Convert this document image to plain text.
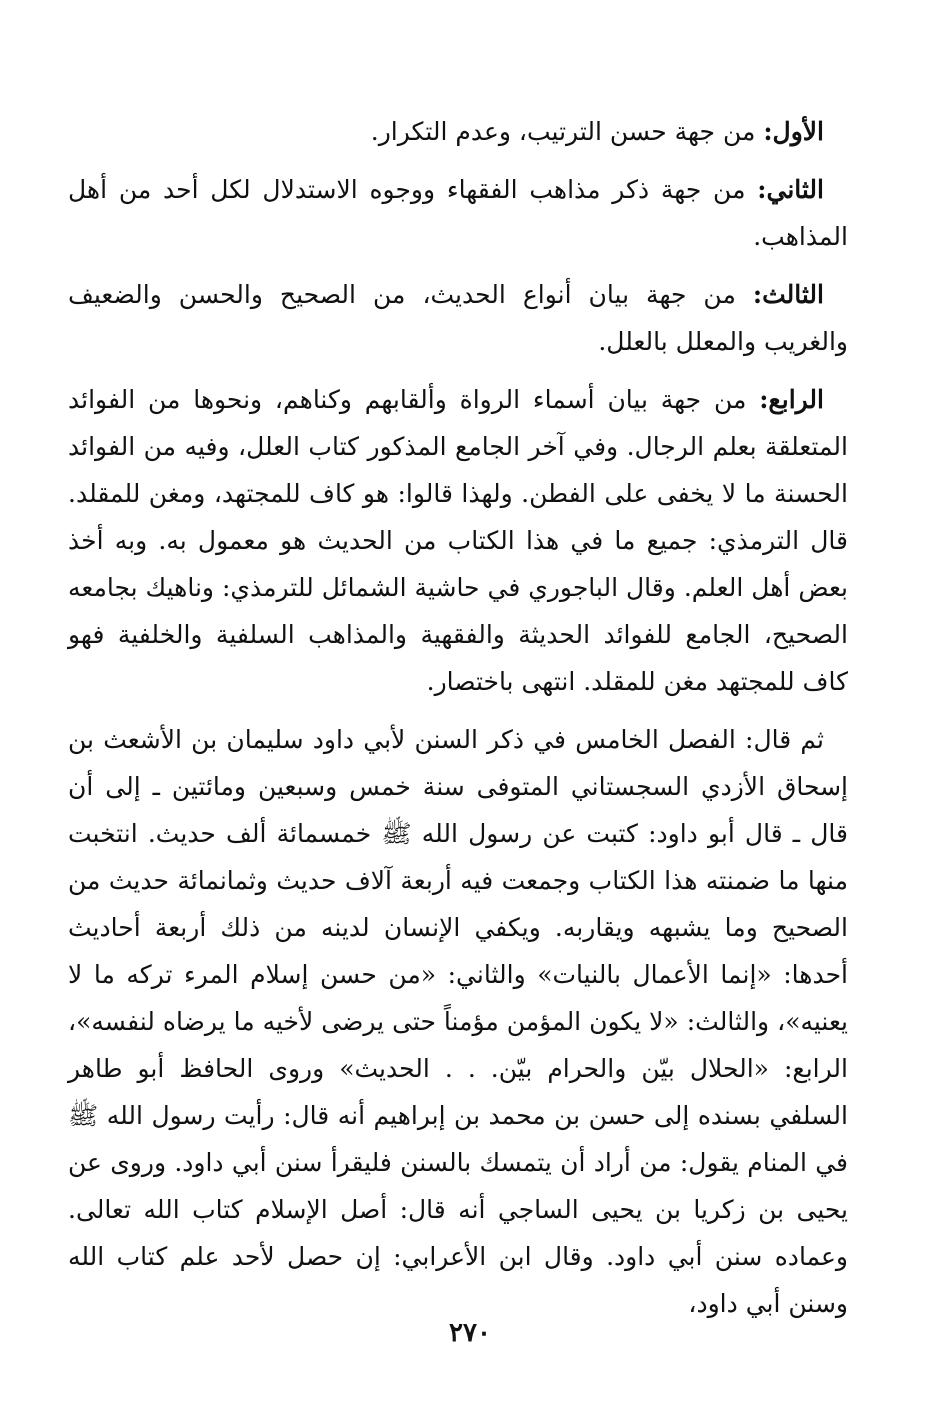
الأول: من جهة حسن الترتيب، وعدم التكرار.

الثاني: من جهة ذكر مذاهب الفقهاء ووجوه الاستدلال لكل أحد من أهل المذاهب.

الثالث: من جهة بيان أنواع الحديث، من الصحيح والحسن والضعيف والغريب والمعلل بالعلل.

الرابع: من جهة بيان أسماء الرواة وألقابهم وكناهم، ونحوها من الفوائد المتعلقة بعلم الرجال. وفي آخر الجامع المذكور كتاب العلل، وفيه من الفوائد الحسنة ما لا يخفى على الفطن. ولهذا قالوا: هو كاف للمجتهد، ومغن للمقلد. قال الترمذي: جميع ما في هذا الكتاب من الحديث هو معمول به. وبه أخذ بعض أهل العلم. وقال الباجوري في حاشية الشمائل للترمذي: وناهيك بجامعه الصحيح، الجامع للفوائد الحديثة والفقهية والمذاهب السلفية والخلفية فهو كاف للمجتهد مغن للمقلد. انتهى باختصار.

ثم قال: الفصل الخامس في ذكر السنن لأبي داود سليمان بن الأشعث بن إسحاق الأزدي السجستاني المتوفى سنة خمس وسبعين ومائتين ـ إلى أن قال ـ قال أبو داود: كتبت عن رسول الله ﷺ خمسمائة ألف حديث. انتخبت منها ما ضمنته هذا الكتاب وجمعت فيه أربعة آلاف حديث وثمانمائة حديث من الصحيح وما يشبهه ويقاربه. ويكفي الإنسان لدينه من ذلك أربعة أحاديث أحدها: «إنما الأعمال بالنيات» والثاني: «من حسن إسلام المرء تركه ما لا يعنيه»، والثالث: «لا يكون المؤمن مؤمناً حتى يرضى لأخيه ما يرضاه لنفسه»، الرابع: «الحلال بيّن والحرام بيّن. . . الحديث» وروى الحافظ أبو طاهر السلفي بسنده إلى حسن بن محمد بن إبراهيم أنه قال: رأيت رسول الله ﷺ في المنام يقول: من أراد أن يتمسك بالسنن فليقرأ سنن أبي داود. وروى عن يحيى بن زكريا بن يحيى الساجي أنه قال: أصل الإسلام كتاب الله تعالى. وعماده سنن أبي داود. وقال ابن الأعرابي: إن حصل لأحد علم كتاب الله وسنن أبي داود،

٢٧٠
